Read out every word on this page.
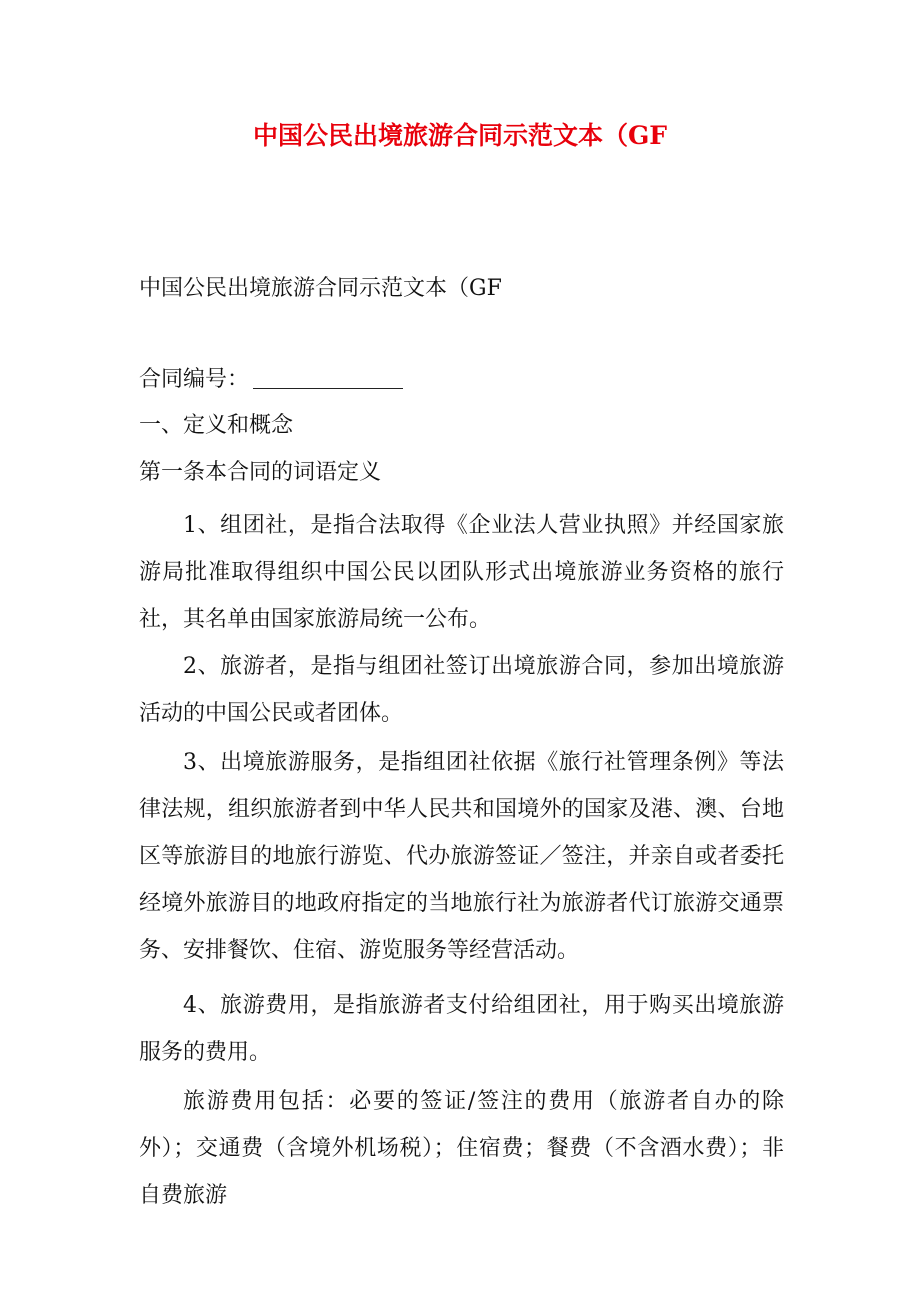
中国公民出境旅游合同示范文本（GF

中国公民出境旅游合同示范文本（GF

合同编号：

一、定义和概念

第一条本合同的词语定义

1、组团社，是指合法取得《企业法人营业执照》并经国家旅游局批准取得组织中国公民以团队形式出境旅游业务资格的旅行社，其名单由国家旅游局统一公布。

2、旅游者，是指与组团社签订出境旅游合同，参加出境旅游活动的中国公民或者团体。

3、出境旅游服务，是指组团社依据《旅行社管理条例》等法律法规，组织旅游者到中华人民共和国境外的国家及港、澳、台地区等旅游目的地旅行游览、代办旅游签证／签注，并亲自或者委托经境外旅游目的地政府指定的当地旅行社为旅游者代订旅游交通票务、安排餐饮、住宿、游览服务等经营活动。

4、旅游费用，是指旅游者支付给组团社，用于购买出境旅游服务的费用。

旅游费用包括：必要的签证/签注的费用（旅游者自办的除外）；交通费（含境外机场税）；住宿费；餐费（不含酒水费）；非自费旅游
